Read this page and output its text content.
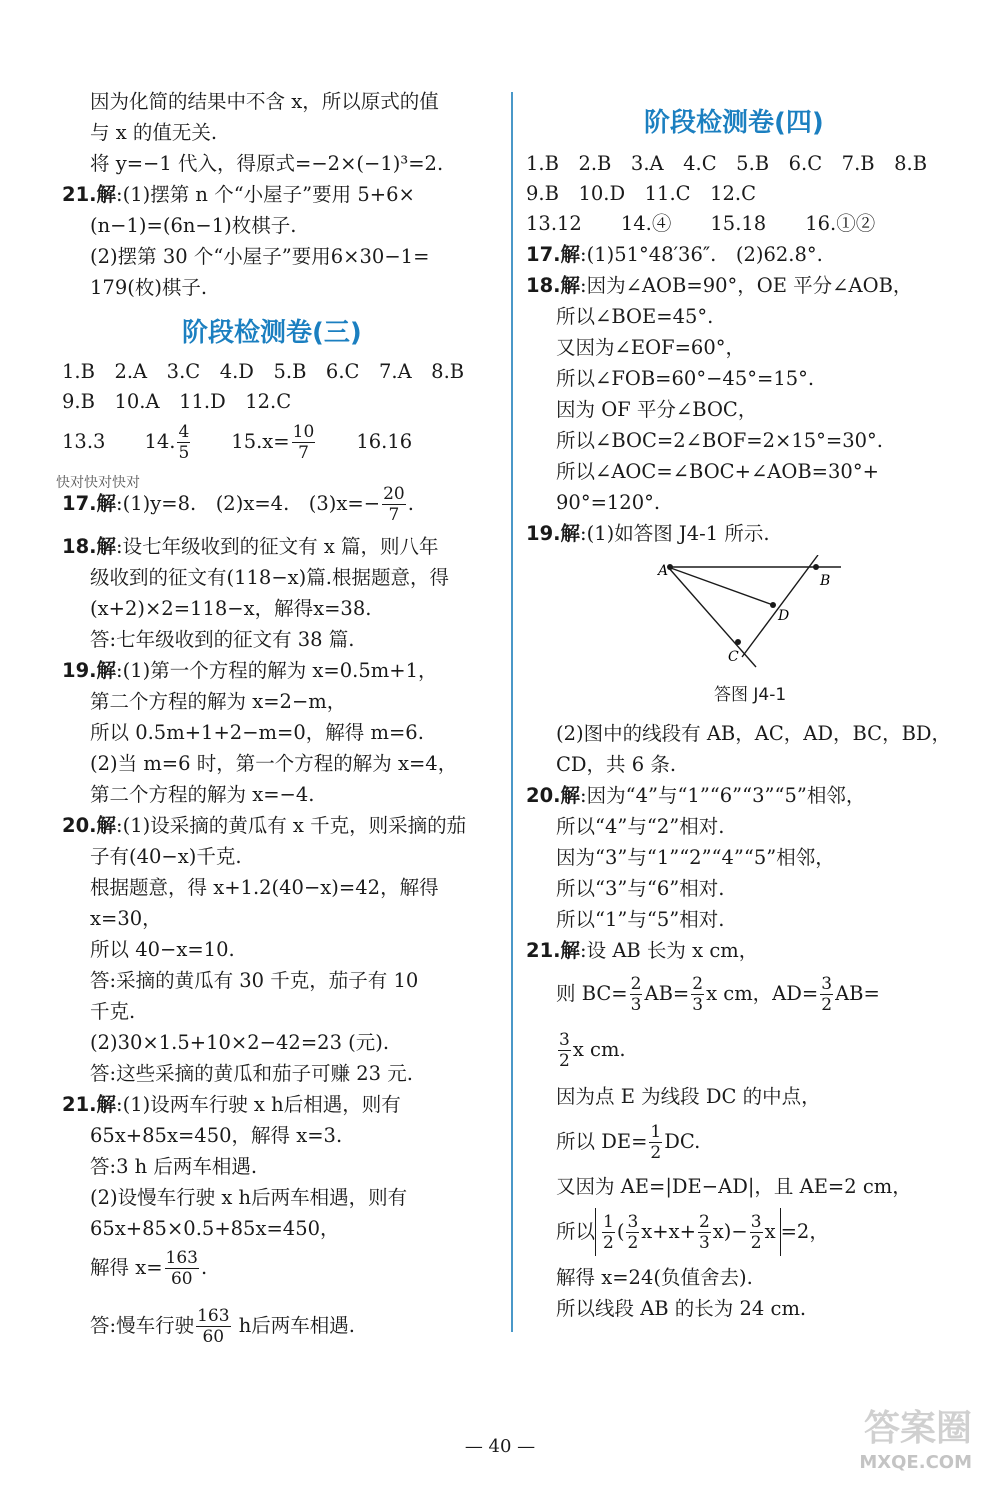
因为化简的结果中不含 x，所以原式的值
与 x 的值无关.
将 y=−1 代入，得原式=−2×(−1)³=2.
21.解:(1)摆第 n 个“小屋子”要用 5+6×
(n−1)=(6n−1)枚棋子.
(2)摆第 30 个“小屋子”要用6×30−1=
179(枚)棋子.
阶段检测卷(三)
1.B　 2.A　 3.C　 4.D　 5.B　 6.C　 7.A　 8.B
9.B　 10.A　 11.D　 12.C
13.3　　 14. $\frac{4}{5}$
　　 $15.x= \frac{10}{7}$
　　 16.16
快对快对快对
17.解:(1)y=8.　(2)x=4.　$(3)x=- \frac{20}{7}$ .
18.解:设七年级收到的征文有 x 篇，则八年
级收到的征文有(118−x)篇.根据题意，得
(x+2)×2=118−x，解得x=38.
答:七年级收到的征文有 38 篇.
19.解:(1)第一个方程的解为 x=0.5m+1，
第二个方程的解为 x=2−m，
所以 0.5m+1+2−m=0，解得 m=6.
(2)当 m=6 时，第一个方程的解为 x=4，
第二个方程的解为 x=−4.
20.解:(1)设采摘的黄瓜有 x 千克，则采摘的茄
子有(40−x)千克.
根据题意，得 x+1.2(40−x)=42，解得
x=30，
所以 40−x=10.
答:采摘的黄瓜有 30 千克，茄子有 10
千克.
(2)30×1.5+10×2−42=23 (元).
答:这些采摘的黄瓜和茄子可赚 23 元.
21.解:(1)设两车行驶 x h后相遇，则有
65x+85x=450，解得 x=3.
答:3 h 后两车相遇.
(2)设慢车行驶 x h后两车相遇，则有
65x+85×0.5+85x=450，
解得 $x= \frac{163}{60}$ .
答:慢车行驶 $\frac{163}{60}$ h后两车相遇.
阶段检测卷(四)
1.B　 2.B　 3.A　 4.C　 5.B　 6.C　 7.B　 8.B
9.B　 10.D　 11.C　 12.C
13.12　　 14.④　　 15.18　　 16.①②
17.解:(1)51°48′36″.　(2)62.8°.
18.解:因为∠AOB=90°，OE 平分∠AOB，
所以∠BOE=45°.
又因为∠EOF=60°，
所以∠FOB=60°−45°=15°.
因为 OF 平分∠BOC，
所以∠BOC=2∠BOF=2×15°=30°.
所以∠AOC=∠BOC+∠AOB=30°+
90°=120°.
19.解:(1)如答图 J4-1 所示.
A
B
D
C
答图 J4-1
(2)图中的线段有 AB，AC，AD，BC，BD，
CD，共 6 条.
20.解:因为“4”与“1”“6”“3”“5”相邻，
所以“4”与“2”相对.
因为“3”与“1”“2”“4”“5”相邻，
所以“3”与“6”相对.
所以“1”与“5”相对.
21.解:设 AB 长为 x cm，
则 $BC= \frac{2}{3} AB= \frac{2}{3}$ x cm，$AD= \frac{3}{2} AB=$
$\frac{3}{2}$ x cm.
因为点 E 为线段 DC 的中点，
所以 $DE= \frac{1}{2}$ DC.
又因为 AE=|DE−AD|，且 AE=2 cm，
所以 $\frac{1}{2}$ ( $\frac{3}{2} x+x+ \frac{2}{3} x)- \frac{3}{2}$ x =2，
解得 x=24(负值舍去).
所以线段 AB 的长为 24 cm.
— 40 —	答案圈
MXQE.COM
